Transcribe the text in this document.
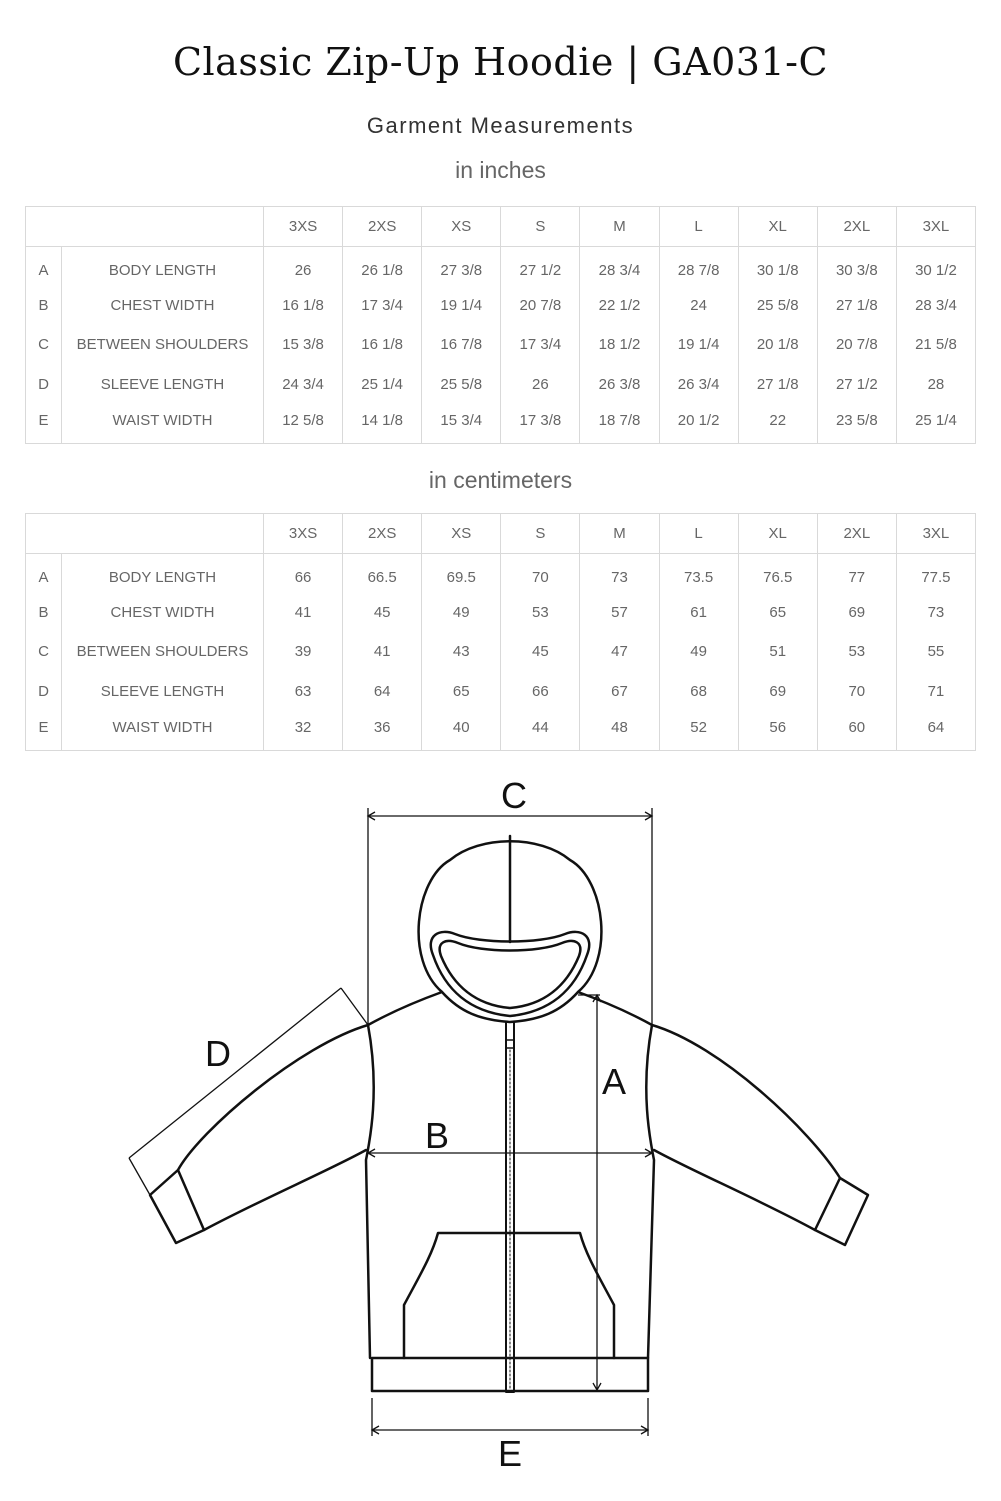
Classic Zip-Up Hoodie | GA031-C
Garment Measurements
in inches
		3XS	2XS	XS	S	M	L	XL	2XL	3XL
A	BODY LENGTH	26	26 1/8	27 3/8	27 1/2	28 3/4	28 7/8	30 1/8	30 3/8	30 1/2
B	CHEST WIDTH	16 1/8	17 3/4	19 1/4	20 7/8	22 1/2	24	25 5/8	27 1/8	28 3/4
C	BETWEEN SHOULDERS	15 3/8	16 1/8	16 7/8	17 3/4	18 1/2	19 1/4	20 1/8	20 7/8	21 5/8
D	SLEEVE LENGTH	24 3/4	25 1/4	25 5/8	26	26 3/8	26 3/4	27 1/8	27 1/2	28
E	WAIST WIDTH	12 5/8	14 1/8	15 3/4	17 3/8	18 7/8	20 1/2	22	23 5/8	25 1/4
in centimeters
		3XS	2XS	XS	S	M	L	XL	2XL	3XL
A	BODY LENGTH	66	66.5	69.5	70	73	73.5	76.5	77	77.5
B	CHEST WIDTH	41	45	49	53	57	61	65	69	73
C	BETWEEN SHOULDERS	39	41	43	45	47	49	51	53	55
D	SLEEVE LENGTH	63	64	65	66	67	68	69	70	71
E	WAIST WIDTH	32	36	40	44	48	52	56	60	64
C
B
A
D
E
